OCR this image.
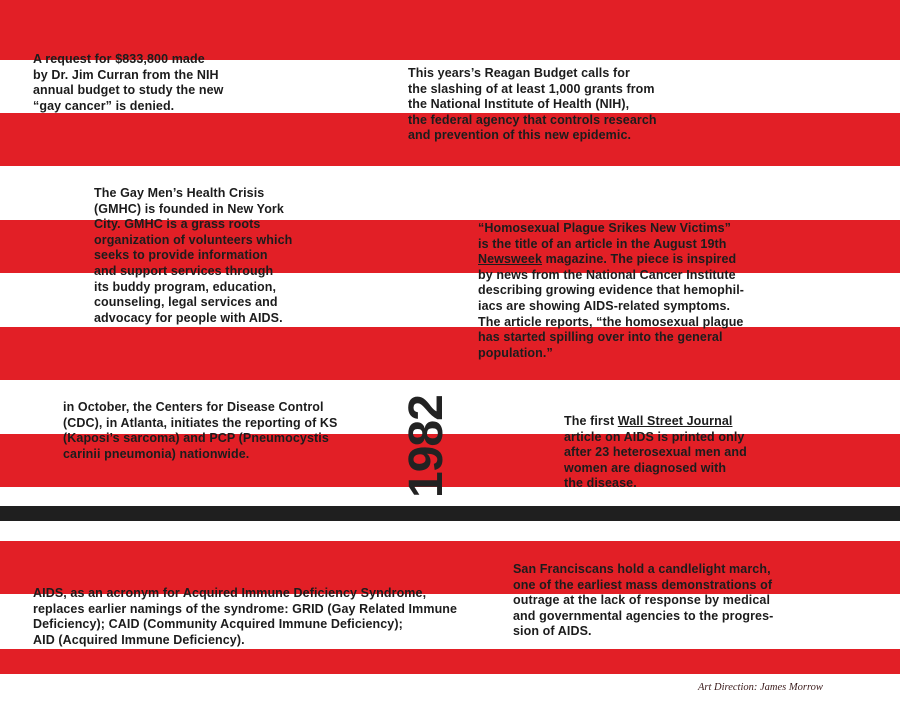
1982

A request for $833,800 made
by Dr. Jim Curran from the NIH
annual budget to study the new
“gay cancer” is denied.

This years’s Reagan Budget calls for
the slashing of at least 1,000 grants from
the National Institute of Health (NIH),
the federal agency that controls research
and prevention of this new epidemic.

The Gay Men’s Health Crisis
(GMHC) is founded in New York
City. GMHC is a grass roots
organization of volunteers which
seeks to provide information
and support services through
its buddy program, education,
counseling, legal services and
advocacy for people with AIDS.

“Homosexual Plague Srikes New Victims”
is the title of an article in the August 19th
Newsweek magazine. The piece is inspired
by news from the National Cancer Institute
describing growing evidence that hemophil-
iacs are showing AIDS-related symptoms.
The article reports, “the homosexual plague
has started spilling over into the general
population.”

in October, the Centers for Disease Control
(CDC), in Atlanta, initiates the reporting of KS
(Kaposi’s sarcoma) and PCP (Pneumocystis
carinii pneumonia) nationwide.

The first Wall Street Journal
article on AIDS is printed only
after 23 heterosexual men and
women are diagnosed with
the disease.

AIDS, as an acronym for Acquired Immune Deficiency Syndrome,
replaces earlier namings of the syndrome: GRID (Gay Related Immune
Deficiency); CAID (Community Acquired Immune Deficiency);
AID (Acquired Immune Deficiency).

San Franciscans hold a candlelight march,
one of the earliest mass demonstrations of
outrage at the lack of response by medical
and governmental agencies to the progres-
sion of AIDS.

Art Direction: James Morrow
